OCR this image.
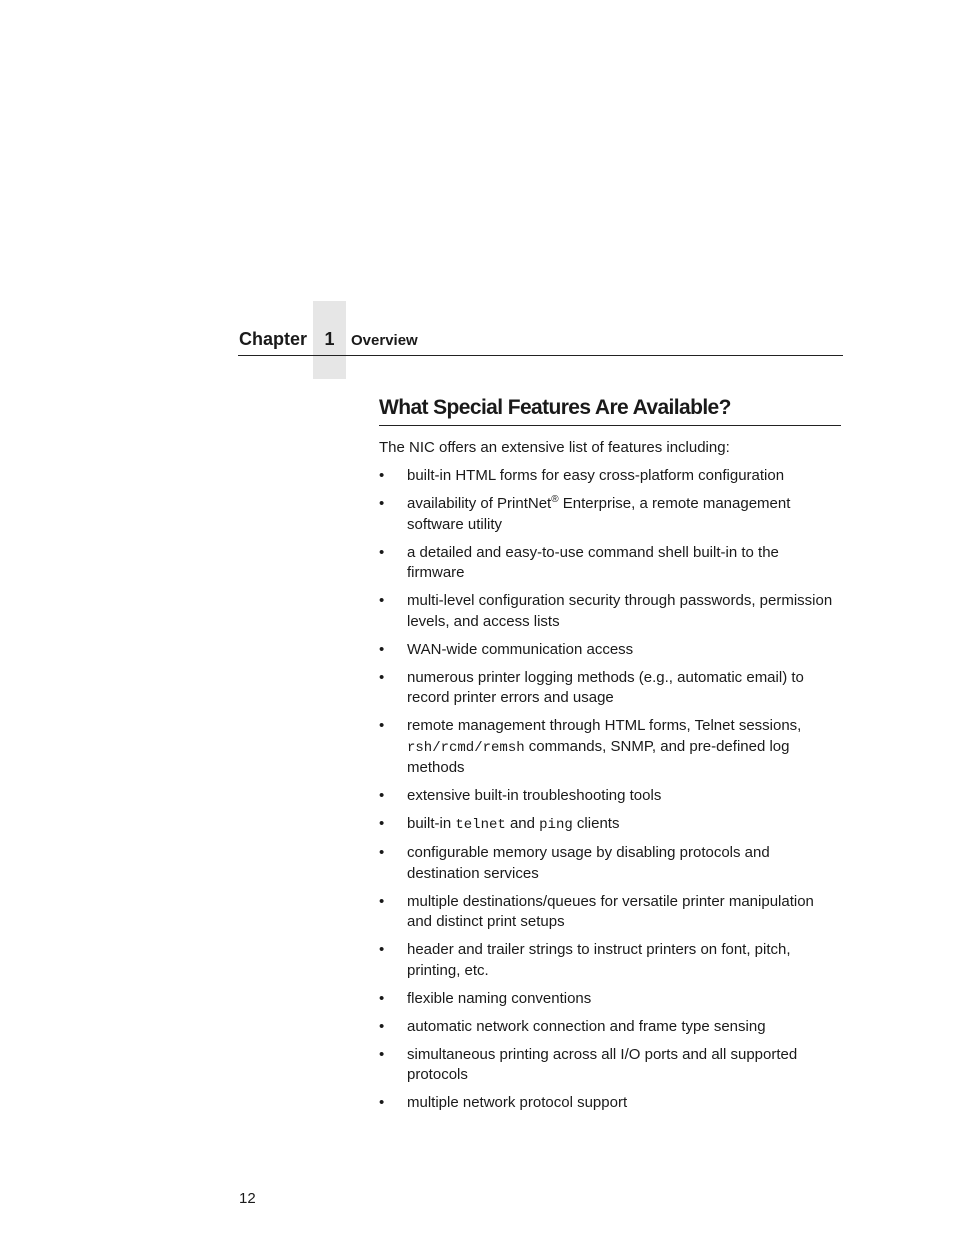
Chapter 1	Overview
What Special Features Are Available?

The NIC offers an extensive list of features including:

• built-in HTML forms for easy cross-platform configuration
• availability of PrintNet® Enterprise, a remote management software utility
• a detailed and easy-to-use command shell built-in to the firmware
• multi-level configuration security through passwords, permission levels, and access lists
• WAN-wide communication access
• numerous printer logging methods (e.g., automatic email) to record printer errors and usage
• remote management through HTML forms, Telnet sessions, rsh/rcmd/remsh commands, SNMP, and pre-defined log methods
• extensive built-in troubleshooting tools
• built-in telnet and ping clients
• configurable memory usage by disabling protocols and destination services
• multiple destinations/queues for versatile printer manipulation and distinct print setups
• header and trailer strings to instruct printers on font, pitch, printing, etc.
• flexible naming conventions
• automatic network connection and frame type sensing
• simultaneous printing across all I/O ports and all supported protocols
• multiple network protocol support
12
